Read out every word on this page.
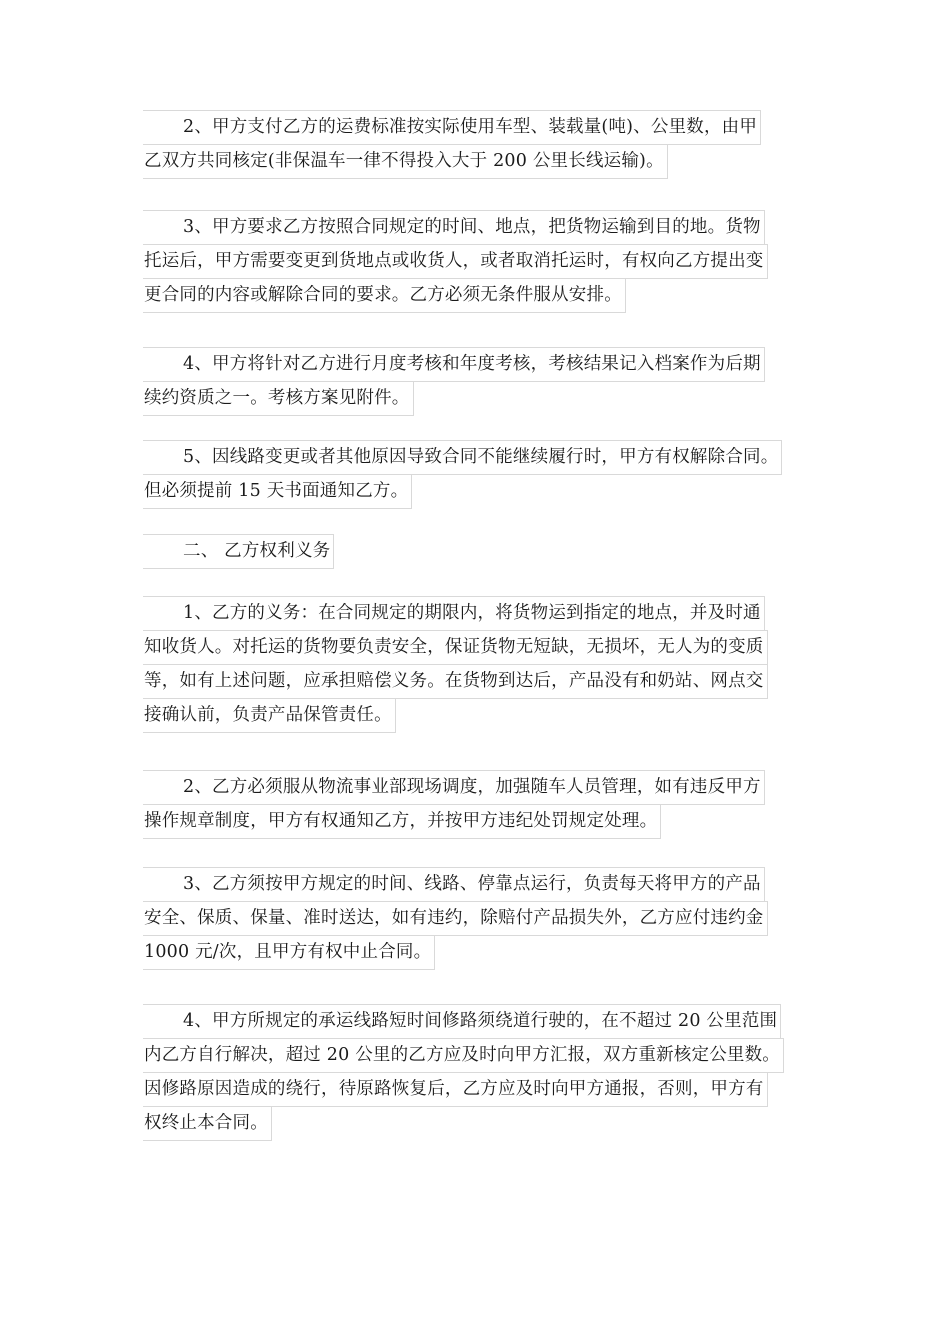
2、甲方支付乙方的运费标准按实际使用车型、装载量(吨)、公里数，由甲
乙双方共同核定(非保温车一律不得投入大于 200 公里长线运输)。
3、甲方要求乙方按照合同规定的时间、地点，把货物运输到目的地。货物
托运后，甲方需要变更到货地点或收货人，或者取消托运时，有权向乙方提出变
更合同的内容或解除合同的要求。乙方必须无条件服从安排。
4、甲方将针对乙方进行月度考核和年度考核，考核结果记入档案作为后期
续约资质之一。考核方案见附件。
5、因线路变更或者其他原因导致合同不能继续履行时，甲方有权解除合同。
但必须提前 15 天书面通知乙方。
二、 乙方权利义务
1、乙方的义务：在合同规定的期限内，将货物运到指定的地点，并及时通
知收货人。对托运的货物要负责安全，保证货物无短缺，无损坏，无人为的变质
等，如有上述问题，应承担赔偿义务。在货物到达后，产品没有和奶站、网点交
接确认前，负责产品保管责任。
2、乙方必须服从物流事业部现场调度，加强随车人员管理，如有违反甲方
操作规章制度，甲方有权通知乙方，并按甲方违纪处罚规定处理。
3、乙方须按甲方规定的时间、线路、停靠点运行，负责每天将甲方的产品
安全、保质、保量、准时送达，如有违约，除赔付产品损失外，乙方应付违约金
1000 元/次，且甲方有权中止合同。
4、甲方所规定的承运线路短时间修路须绕道行驶的，在不超过 20 公里范围
内乙方自行解决，超过 20 公里的乙方应及时向甲方汇报，双方重新核定公里数。
因修路原因造成的绕行，待原路恢复后，乙方应及时向甲方通报，否则，甲方有
权终止本合同。
